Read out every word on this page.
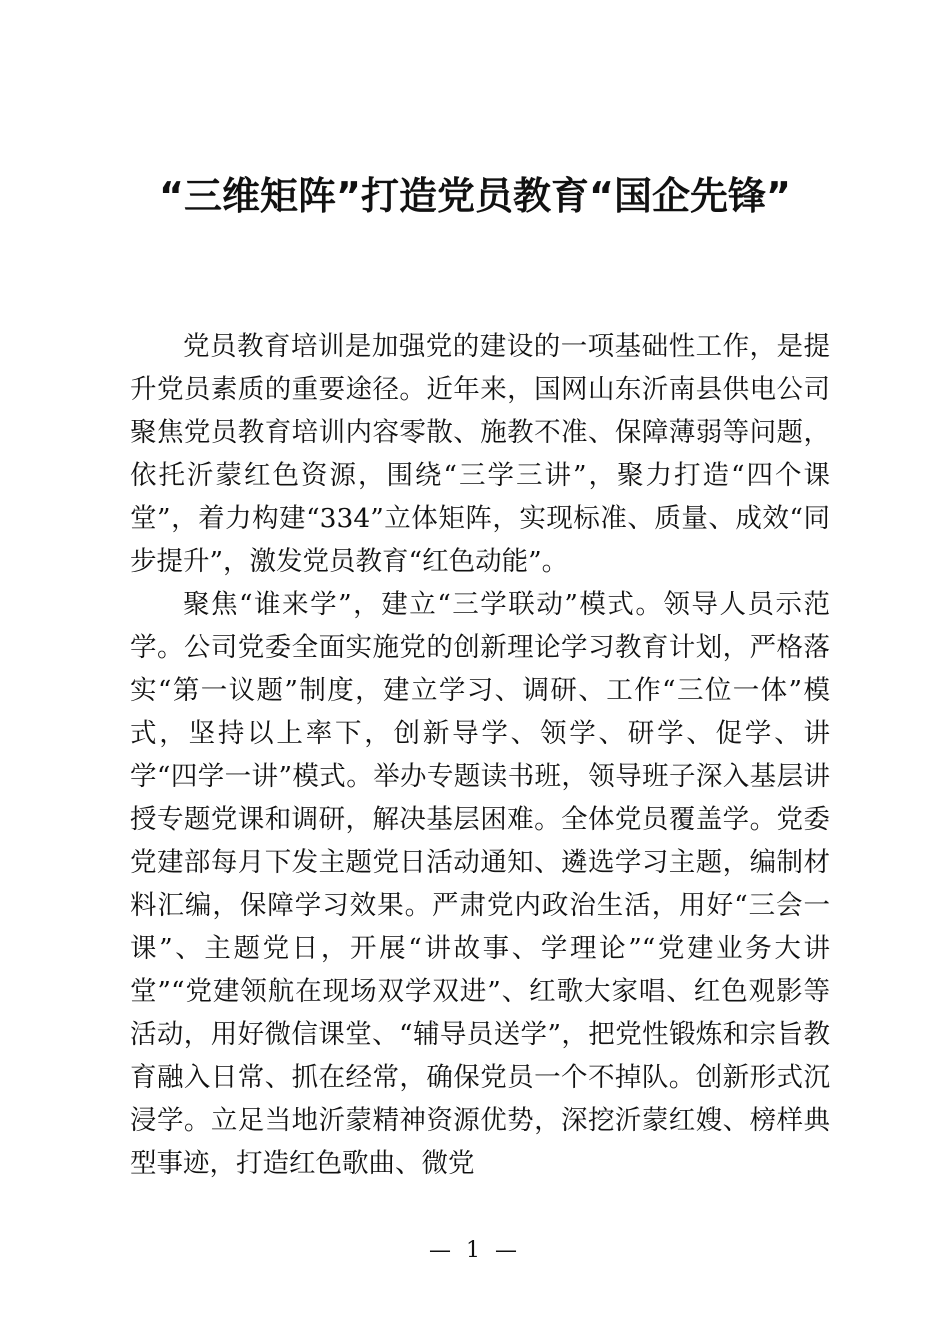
“三维矩阵”打造党员教育“国企先锋”

党员教育培训是加强党的建设的一项基础性工作，是提升党员素质的重要途径。近年来，国网山东沂南县供电公司聚焦党员教育培训内容零散、施教不准、保障薄弱等问题，依托沂蒙红色资源，围绕“三学三讲”，聚力打造“四个课堂”，着力构建“334”立体矩阵，实现标准、质量、成效“同步提升”，激发党员教育“红色动能”。

聚焦“谁来学”，建立“三学联动”模式。领导人员示范学。公司党委全面实施党的创新理论学习教育计划，严格落实“第一议题”制度，建立学习、调研、工作“三位一体”模式，坚持以上率下，创新导学、领学、研学、促学、讲学“四学一讲”模式。举办专题读书班，领导班子深入基层讲授专题党课和调研，解决基层困难。全体党员覆盖学。党委党建部每月下发主题党日活动通知、遴选学习主题，编制材料汇编，保障学习效果。严肃党内政治生活，用好“三会一课”、主题党日，开展“讲故事、学理论”“党建业务大讲堂”“党建领航在现场双学双进”、红歌大家唱、红色观影等活动，用好微信课堂、“辅导员送学”，把党性锻炼和宗旨教育融入日常、抓在经常，确保党员一个不掉队。创新形式沉浸学。立足当地沂蒙精神资源优势，深挖沂蒙红嫂、榜样典型事迹，打造红色歌曲、微党

— 1 —
